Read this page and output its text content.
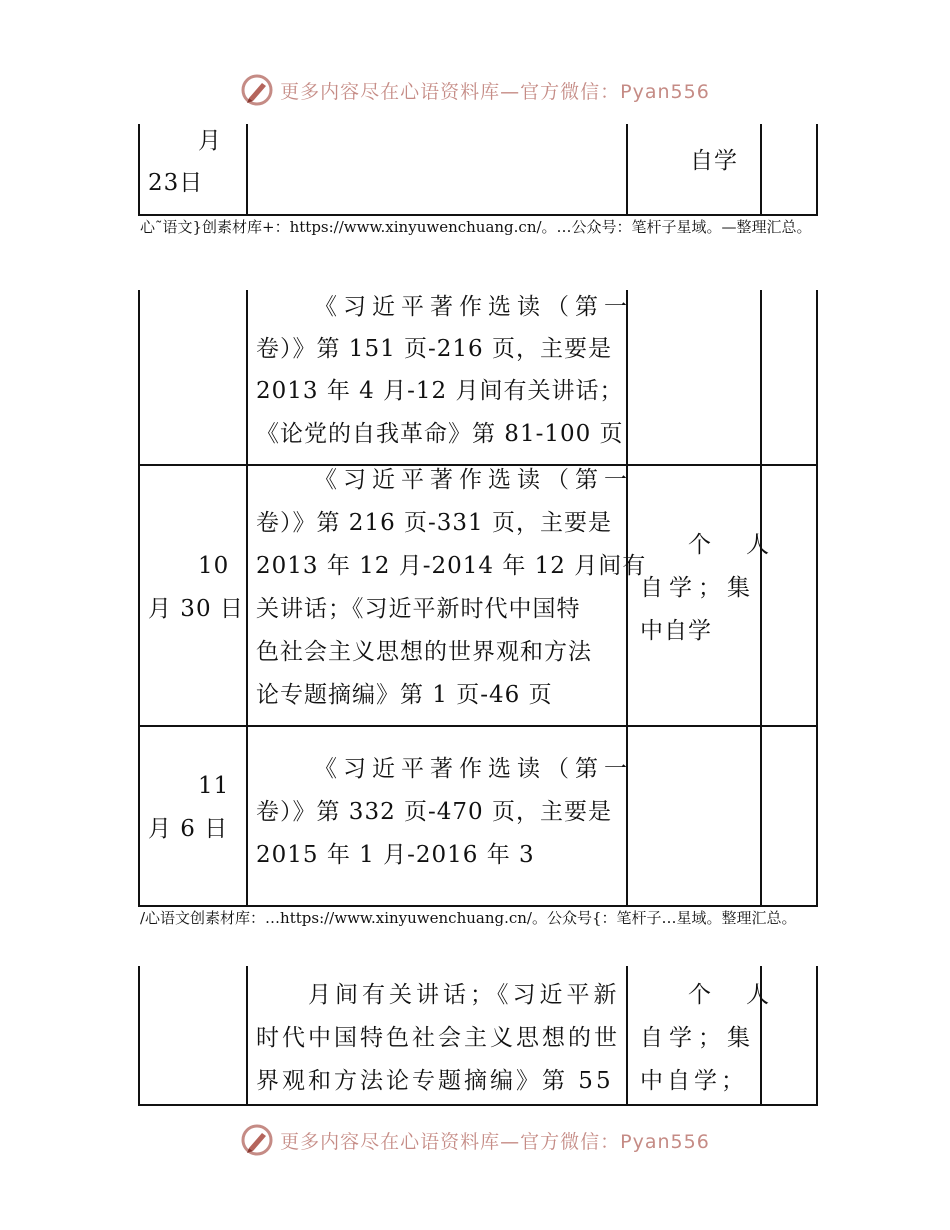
更多内容尽在心语资料库—官方微信：Pyan556
月
23日
自学
心˜语文}创素材库+：https://www.xinyuwenchuang.cn/。…公众号：笔杆子星域。—整理汇总。
《习近平著作选读（第一
卷）》第 151 页-216 页，主要是
2013 年 4 月-12 月间有关讲话；
《论党的自我革命》第 81-100 页
10
月 30 日
《习近平著作选读（第一
卷）》第 216 页-331 页，主要是
2013 年 12 月-2014 年 12 月间有
关讲话；《习近平新时代中国特
色社会主义思想的世界观和方法
论专题摘编》第 1 页-46 页
个　人
自学；集
中自学
11
月 6 日
《习近平著作选读（第一
卷）》第 332 页-470 页，主要是
2015 年 1 月-2016 年 3
/心语文创素材库：…https://www.xinyuwenchuang.cn/。公众号{：笔杆子…星域。整理汇总。
月间有关讲话；《习近平新
时代中国特色社会主义思想的世
界观和方法论专题摘编》第 55
个　人
自学；集
中自学；
更多内容尽在心语资料库—官方微信：Pyan556
